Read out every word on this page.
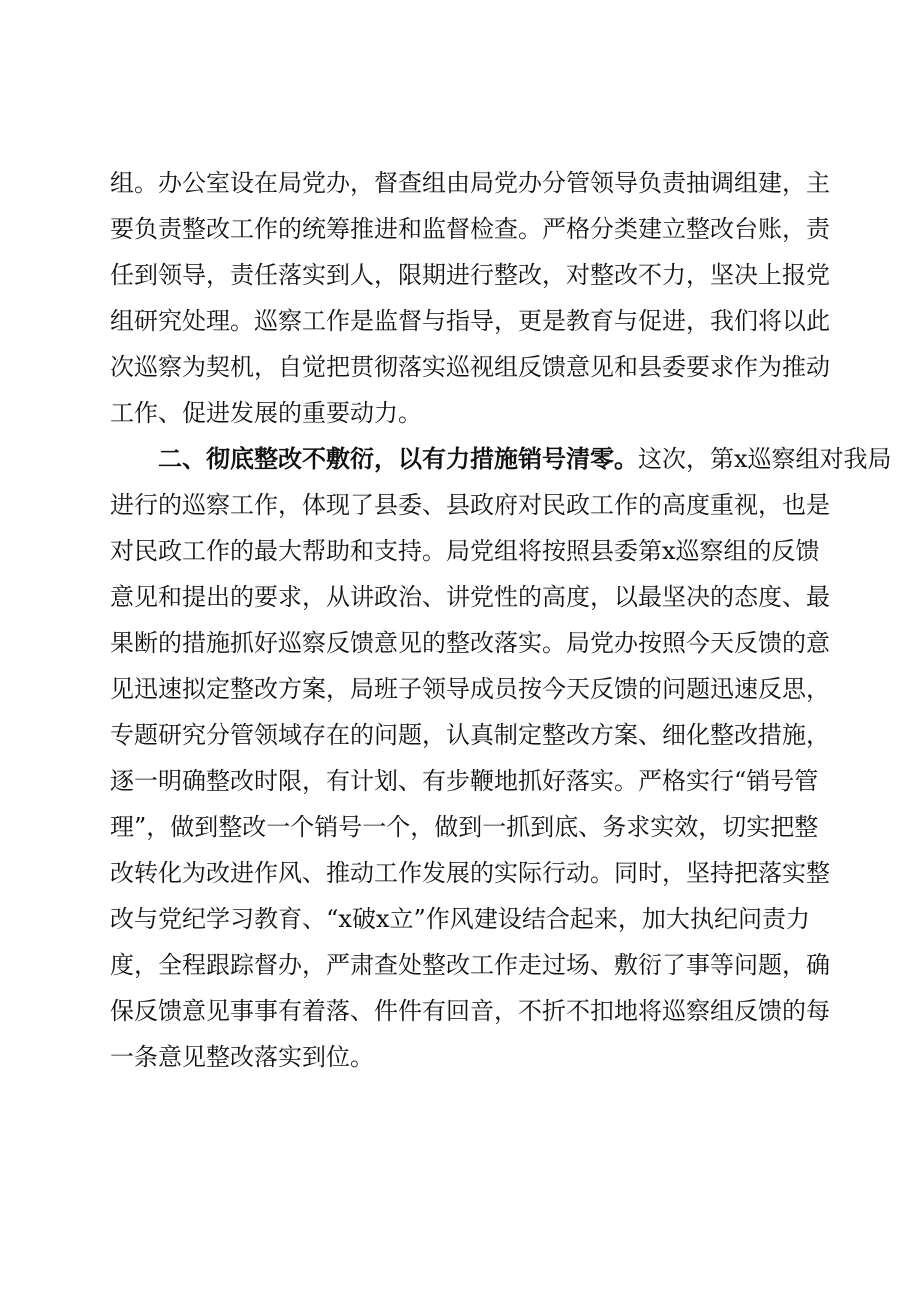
组。办公室设在局党办，督查组由局党办分管领导负责抽调组建，主
要负责整改工作的统筹推进和监督检查。严格分类建立整改台账，责
任到领导，责任落实到人，限期进行整改，对整改不力，坚决上报党
组研究处理。巡察工作是监督与指导，更是教育与促进，我们将以此
次巡察为契机，自觉把贯彻落实巡视组反馈意见和县委要求作为推动
工作、促进发展的重要动力。
二、彻底整改不敷衍，以有力措施销号清零。这次，第x巡察组对我局
进行的巡察工作，体现了县委、县政府对民政工作的高度重视，也是
对民政工作的最大帮助和支持。局党组将按照县委第x巡察组的反馈
意见和提出的要求，从讲政治、讲党性的高度，以最坚决的态度、最
果断的措施抓好巡察反馈意见的整改落实。局党办按照今天反馈的意
见迅速拟定整改方案，局班子领导成员按今天反馈的问题迅速反思，
专题研究分管领域存在的问题，认真制定整改方案、细化整改措施，
逐一明确整改时限，有计划、有步鞭地抓好落实。严格实行“销号管
理”，做到整改一个销号一个，做到一抓到底、务求实效，切实把整
改转化为改进作风、推动工作发展的实际行动。同时，坚持把落实整
改与党纪学习教育、“x破x立”作风建设结合起来，加大执纪问责力
度，全程跟踪督办，严肃查处整改工作走过场、敷衍了事等问题，确
保反馈意见事事有着落、件件有回音，不折不扣地将巡察组反馈的每
一条意见整改落实到位。
